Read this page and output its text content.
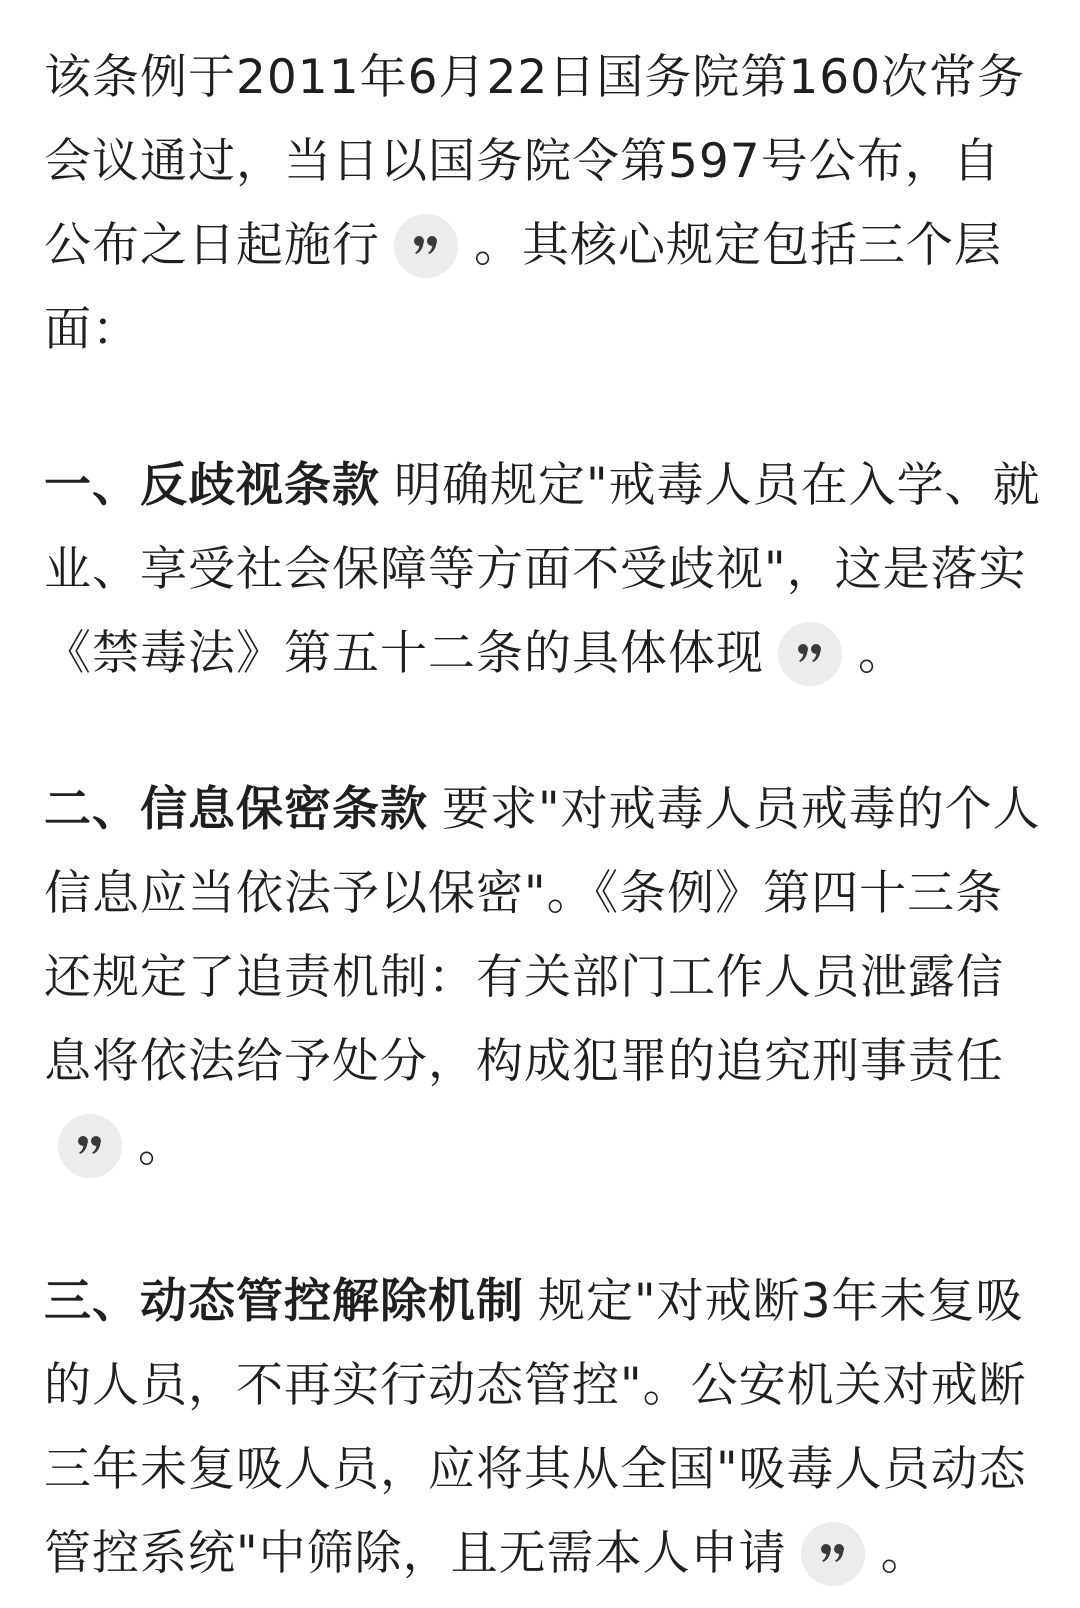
该条例于2011年6月22日国务院第160次常务会议通过，当日以国务院令第597号公布，自公布之日起施行 。其核心规定包括三个层面：

一、反歧视条款 明确规定"戒毒人员在入学、就业、享受社会保障等方面不受歧视"，这是落实《禁毒法》第五十二条的具体体现 。

二、信息保密条款 要求"对戒毒人员戒毒的个人信息应当依法予以保密"。《条例》第四十三条还规定了追责机制：有关部门工作人员泄露信息将依法给予处分，构成犯罪的追究刑事责任
。

三、动态管控解除机制 规定"对戒断3年未复吸的人员，不再实行动态管控"。公安机关对戒断三年未复吸人员，应将其从全国"吸毒人员动态管控系统"中筛除，且无需本人申请 。
